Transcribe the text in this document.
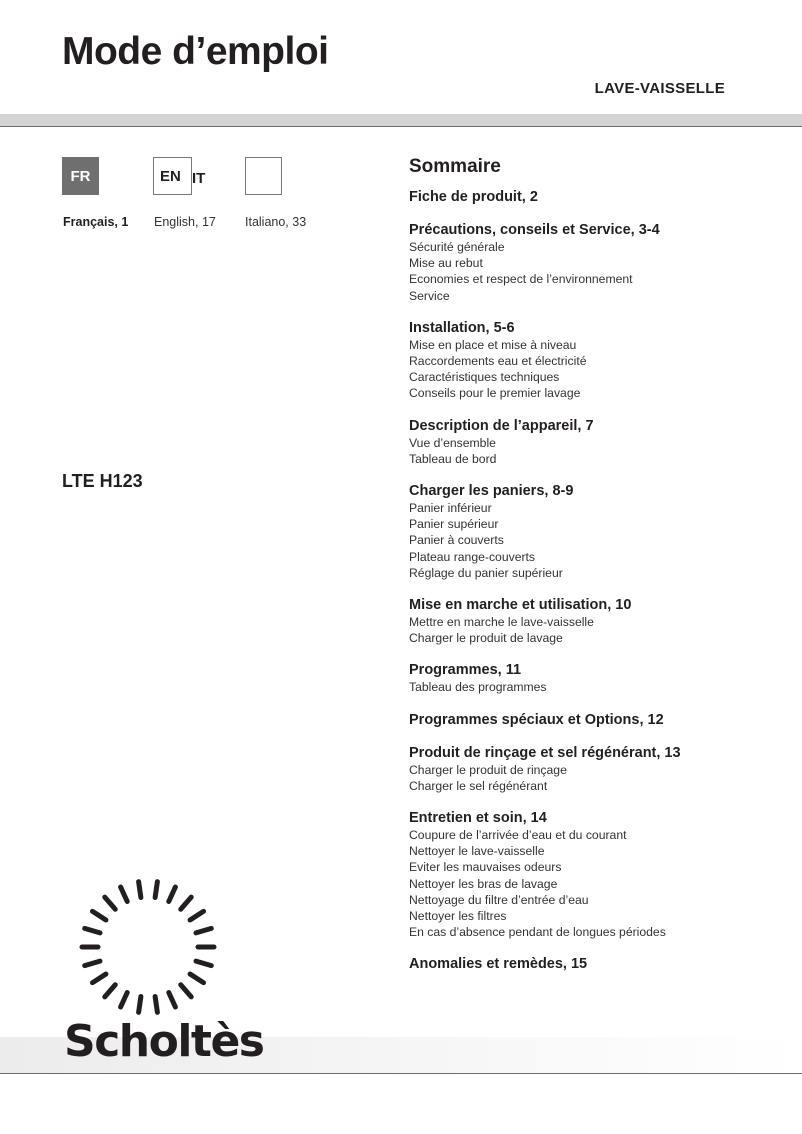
Mode d’emploi
LAVE-VAISSELLE
FR	EN IT
Français, 1 English, 17 Italiano, 33
LTE H123
Sommaire
Fiche de produit, 2
Précautions, conseils et Service, 3-4
Sécurité générale
Mise au rebut
Economies et respect de l’environnement
Service
Installation, 5-6
Mise en place et mise à niveau
Raccordements eau et électricité
Caractéristiques techniques
Conseils pour le premier lavage
Description de l’appareil, 7
Vue d’ensemble
Tableau de bord
Charger les paniers, 8-9
Panier inférieur
Panier supérieur
Panier à couverts
Plateau range-couverts
Réglage du panier supérieur
Mise en marche et utilisation, 10
Mettre en marche le lave-vaisselle
Charger le produit de lavage
Programmes, 11
Tableau des programmes
Programmes spéciaux et Options, 12
Produit de rinçage et sel régénérant, 13
Charger le produit de rinçage
Charger le sel régénérant
Entretien et soin, 14
Coupure de l’arrivée d’eau et du courant
Nettoyer le lave-vaisselle
Eviter les mauvaises odeurs
Nettoyer les bras de lavage
Nettoyage du filtre d’entrée d’eau
Nettoyer les filtres
En cas d’absence pendant de longues périodes
Anomalies et remèdes, 15
Scholtès
